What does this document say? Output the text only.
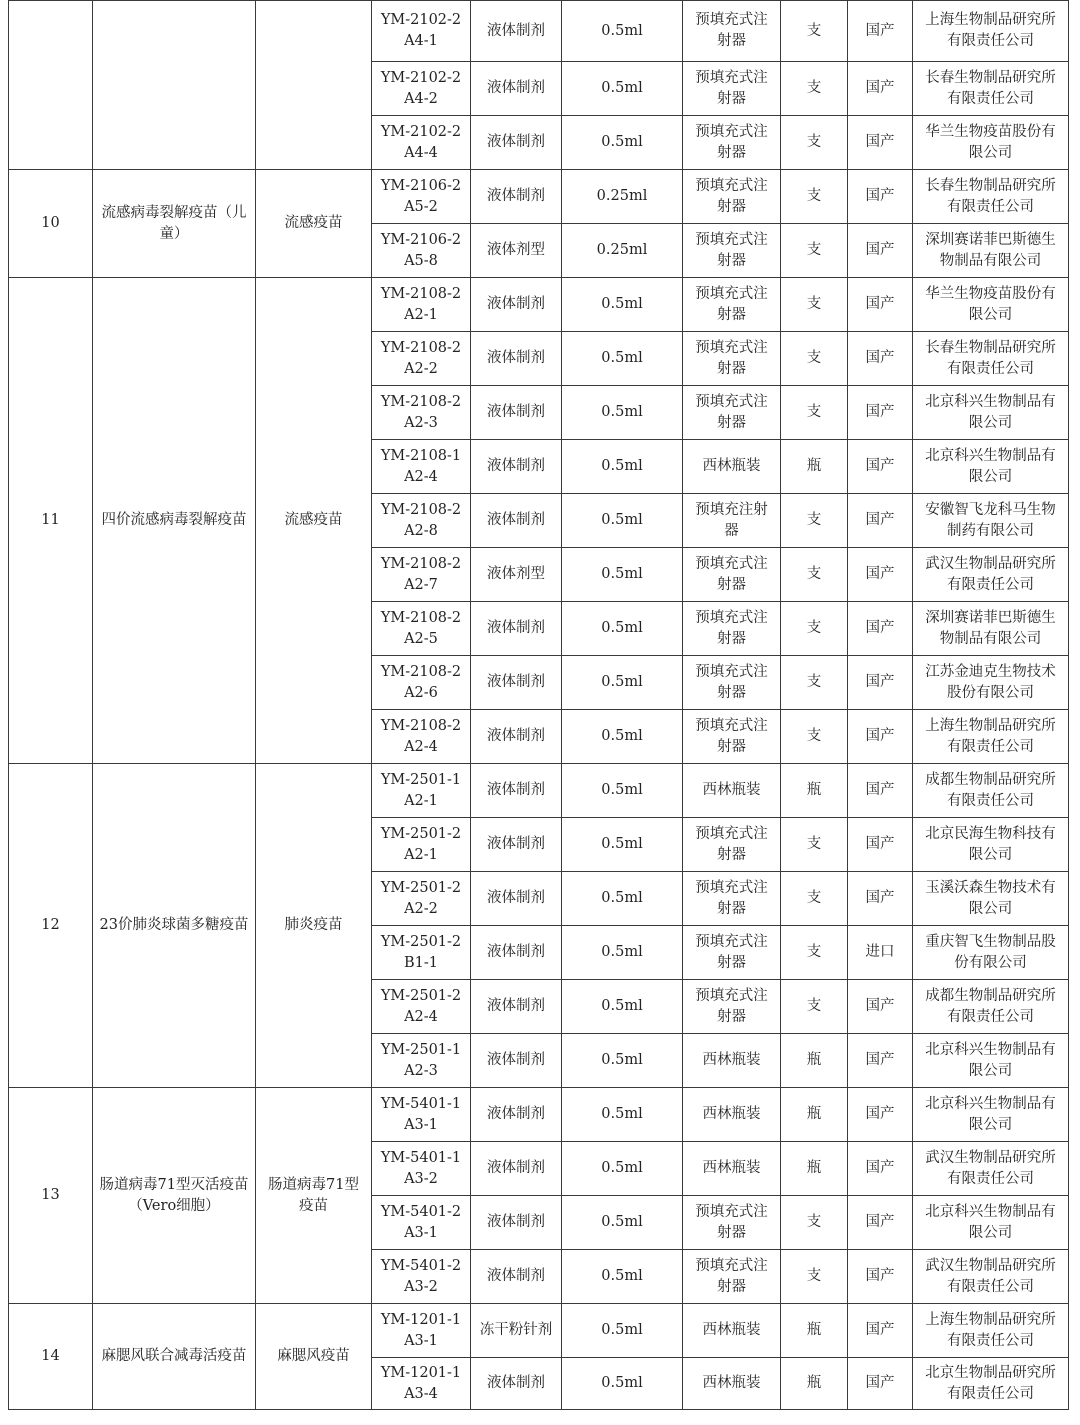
			YM-2102-2A4-1	液体制剂	0.5ml	预填充式注射器	支	国产	上海生物制品研究所有限责任公司
			YM-2102-2A4-2	液体制剂	0.5ml	预填充式注射器	支	国产	长春生物制品研究所有限责任公司
			YM-2102-2A4-4	液体制剂	0.5ml	预填充式注射器	支	国产	华兰生物疫苗股份有限公司
10	流感病毒裂解疫苗（儿童）	流感疫苗	YM-2106-2A5-2	液体制剂	0.25ml	预填充式注射器	支	国产	长春生物制品研究所有限责任公司
			YM-2106-2A5-8	液体剂型	0.25ml	预填充式注射器	支	国产	深圳赛诺菲巴斯德生物制品有限公司
11	四价流感病毒裂解疫苗	流感疫苗	YM-2108-2A2-1	液体制剂	0.5ml	预填充式注射器	支	国产	华兰生物疫苗股份有限公司
			YM-2108-2A2-2	液体制剂	0.5ml	预填充式注射器	支	国产	长春生物制品研究所有限责任公司
			YM-2108-2A2-3	液体制剂	0.5ml	预填充式注射器	支	国产	北京科兴生物制品有限公司
			YM-2108-1A2-4	液体制剂	0.5ml	西林瓶装	瓶	国产	北京科兴生物制品有限公司
			YM-2108-2A2-8	液体制剂	0.5ml	预填充注射器	支	国产	安徽智飞龙科马生物制药有限公司
			YM-2108-2A2-7	液体剂型	0.5ml	预填充式注射器	支	国产	武汉生物制品研究所有限责任公司
			YM-2108-2A2-5	液体制剂	0.5ml	预填充式注射器	支	国产	深圳赛诺菲巴斯德生物制品有限公司
			YM-2108-2A2-6	液体制剂	0.5ml	预填充式注射器	支	国产	江苏金迪克生物技术股份有限公司
			YM-2108-2A2-4	液体制剂	0.5ml	预填充式注射器	支	国产	上海生物制品研究所有限责任公司
12	23价肺炎球菌多糖疫苗	肺炎疫苗	YM-2501-1A2-1	液体制剂	0.5ml	西林瓶装	瓶	国产	成都生物制品研究所有限责任公司
			YM-2501-2A2-1	液体制剂	0.5ml	预填充式注射器	支	国产	北京民海生物科技有限公司
			YM-2501-2A2-2	液体制剂	0.5ml	预填充式注射器	支	国产	玉溪沃森生物技术有限公司
			YM-2501-2B1-1	液体制剂	0.5ml	预填充式注射器	支	进口	重庆智飞生物制品股份有限公司
			YM-2501-2A2-4	液体制剂	0.5ml	预填充式注射器	支	国产	成都生物制品研究所有限责任公司
			YM-2501-1A2-3	液体制剂	0.5ml	西林瓶装	瓶	国产	北京科兴生物制品有限公司
13	肠道病毒71型灭活疫苗（Vero细胞）	肠道病毒71型疫苗	YM-5401-1A3-1	液体制剂	0.5ml	西林瓶装	瓶	国产	北京科兴生物制品有限公司
			YM-5401-1A3-2	液体制剂	0.5ml	西林瓶装	瓶	国产	武汉生物制品研究所有限责任公司
			YM-5401-2A3-1	液体制剂	0.5ml	预填充式注射器	支	国产	北京科兴生物制品有限公司
			YM-5401-2A3-2	液体制剂	0.5ml	预填充式注射器	支	国产	武汉生物制品研究所有限责任公司
14	麻腮风联合减毒活疫苗	麻腮风疫苗	YM-1201-1A3-1	冻干粉针剂	0.5ml	西林瓶装	瓶	国产	上海生物制品研究所有限责任公司
			YM-1201-1A3-4	液体制剂	0.5ml	西林瓶装	瓶	国产	北京生物制品研究所有限责任公司
